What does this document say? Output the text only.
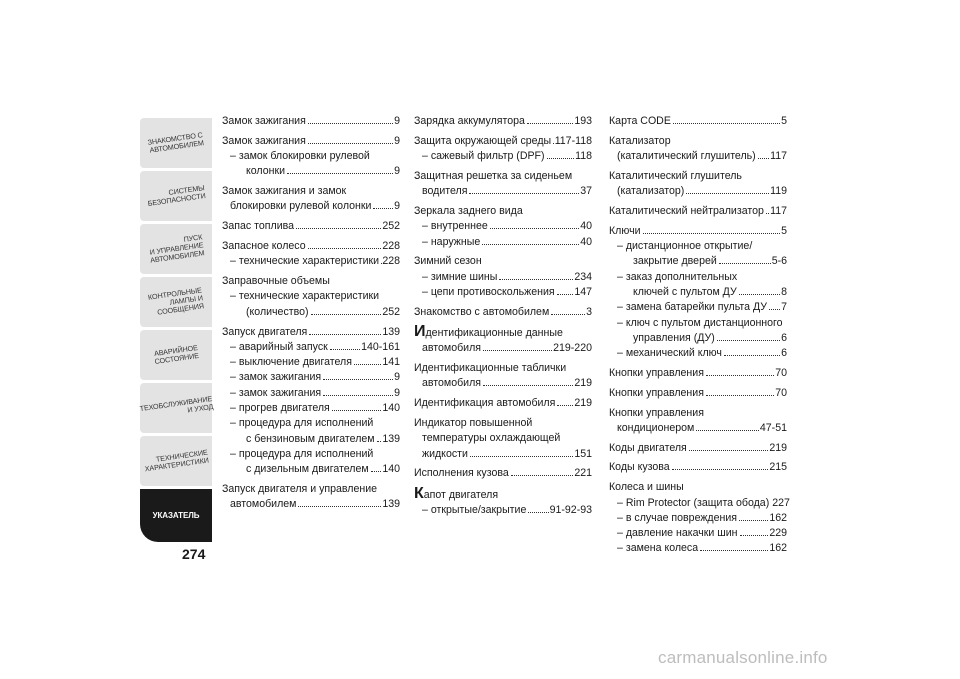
ЗНАКОМСТВО С
АВТОМОБИЛЕМ
СИСТЕМЫ
БЕЗОПАСНОСТИ
ПУСК
И УПРАВЛЕНИЕ
АВТОМОБИЛЕМ
КОНТРОЛЬНЫЕ
ЛАМПЫ И
СООБЩЕНИЯ
АВАРИЙНОЕ
СОСТОЯНИЕ
ТЕХОБСЛУЖИВАНИЕ
И УХОД
ТЕХНИЧЕСКИЕ
ХАРАКТЕРИСТИКИ
УКАЗАТЕЛЬ
274
Замок зажигания	9
Замок зажигания	9
– замок блокировки рулевой
колонки	9
Замок зажигания и замок
блокировки рулевой колонки 9
Запас топлива	252
Запасное колесо	228
– технические характеристики 228
Заправочные объемы
– технические характеристики
(количество)	252
Запуск двигателя	139
– аварийный запуск	140-161
– выключение двигателя	141
– замок зажигания	9
– замок зажигания	9
– прогрев двигателя	140
– процедура для исполнений
с бензиновым двигателем 139
– процедура для исполнений
с дизельным двигателем 140
Запуск двигателя и управление
автомобилем	139
Зарядка аккумулятора	193
Защита окружающей среды 117-118
– сажевый фильтр (DPF)	118
Защитная решетка за сиденьем
водителя	37
Зеркала заднего вида
– внутреннее	40
– наружные	40
Зимний сезон
– зимние шины	234
– цепи противоскольжения 147
Знакомство с автомобилем	3
Идентификационные данные
автомобиля	219-220
Идентификационные таблички
автомобиля	219
Идентификация автомобиля 219
Индикатор повышенной
температуры охлаждающей
жидкости	151
Исполнения кузова	221
Капот двигателя
– открытые/закрытие 91-92-93
Карта CODE	5
Катализатор
(каталитический глушитель) 117
Каталитический глушитель
(катализатор)	119
Каталитический нейтрализатор 117
Ключи	5
– дистанционное открытие/
закрытие дверей	5-6
– заказ дополнительных
ключей с пультом ДУ	8
– замена батарейки пульта ДУ 7
– ключ с пультом дистанционного
управления (ДУ)	6
– механический ключ	6
Кнопки управления	70
Кнопки управления	70
Кнопки управления
кондиционером	47-51
Коды двигателя	219
Коды кузова	215
Колеса и шины
– Rim Protector (защита обода) 227
– в случае повреждения	162
– давление накачки шин	229
– замена колеса	162
carmanualsonline.info
